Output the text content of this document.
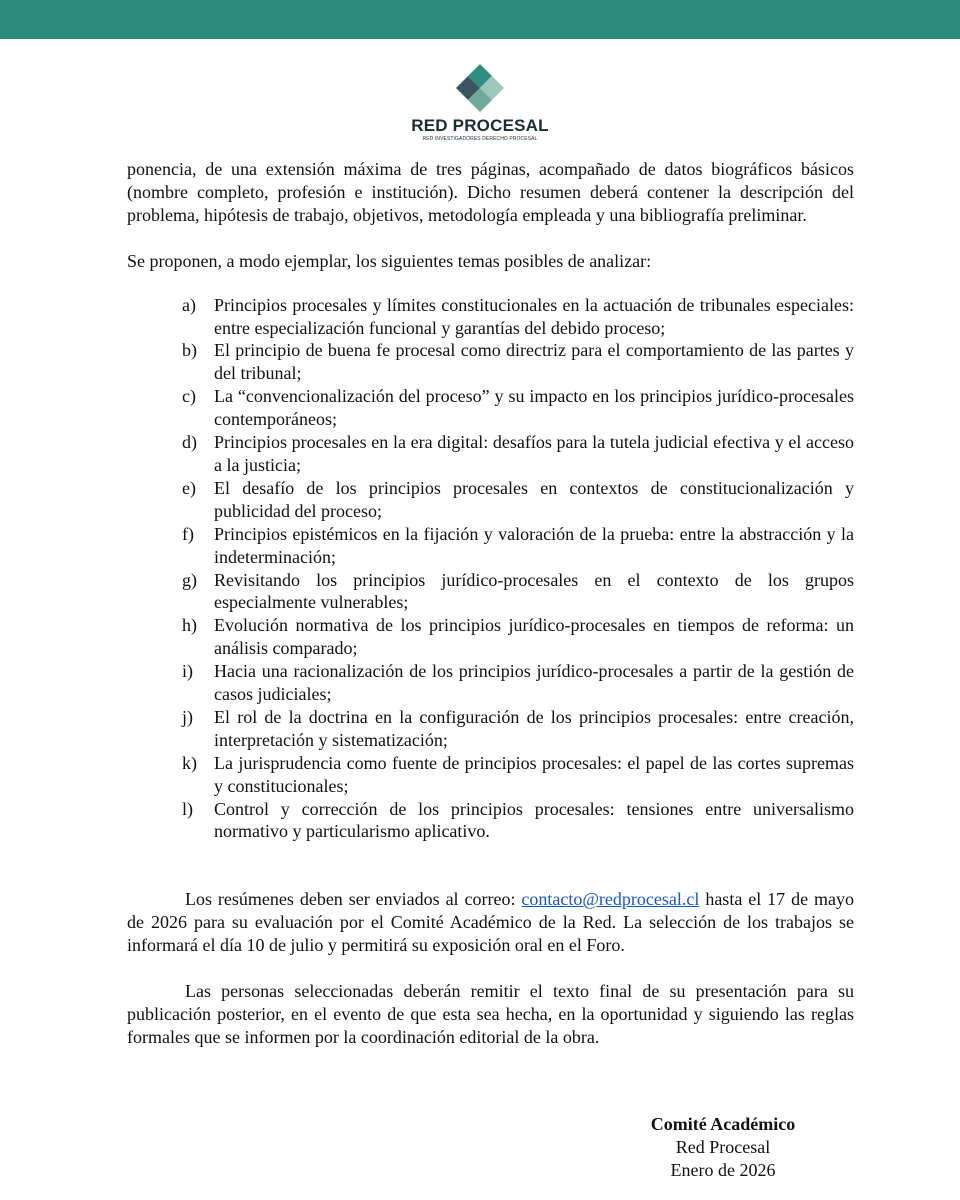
RED PROCESAL
RED INVESTIGADORES DERECHO PROCESAL

ponencia, de una extensión máxima de tres páginas, acompañado de datos biográficos básicos (nombre completo, profesión e institución). Dicho resumen deberá contener la descripción del problema, hipótesis de trabajo, objetivos, metodología empleada y una bibliografía preliminar.

Se proponen, a modo ejemplar, los siguientes temas posibles de analizar:

a)	Principios procesales y límites constitucionales en la actuación de tribunales especiales: entre especialización funcional y garantías del debido proceso;
b) El principio de buena fe procesal como directriz para el comportamiento de las partes y del tribunal;
c)	La “convencionalización del proceso” y su impacto en los principios jurídico-procesales contemporáneos;
d) Principios procesales en la era digital: desafíos para la tutela judicial efectiva y el acceso a la justicia;
e)	El desafío de los principios procesales en contextos de constitucionalización y publicidad del proceso;
f)	Principios epistémicos en la fijación y valoración de la prueba: entre la abstracción y la indeterminación;
g) Revisitando los principios jurídico-procesales en el contexto de los grupos especialmente vulnerables;
h) Evolución normativa de los principios jurídico-procesales en tiempos de reforma: un análisis comparado;
i)	Hacia una racionalización de los principios jurídico-procesales a partir de la gestión de casos judiciales;
j)	El rol de la doctrina en la configuración de los principios procesales: entre creación, interpretación y sistematización;
k) La jurisprudencia como fuente de principios procesales: el papel de las cortes supremas y constitucionales;
l)	Control y corrección de los principios procesales: tensiones entre universalismo normativo y particularismo aplicativo.

Los resúmenes deben ser enviados al correo: contacto@redprocesal.cl hasta el 17 de mayo de 2026 para su evaluación por el Comité Académico de la Red. La selección de los trabajos se informará el día 10 de julio y permitirá su exposición oral en el Foro.

Las personas seleccionadas deberán remitir el texto final de su presentación para su publicación posterior, en el evento de que esta sea hecha, en la oportunidad y siguiendo las reglas formales que se informen por la coordinación editorial de la obra.

Comité Académico
Red Procesal
Enero de 2026
